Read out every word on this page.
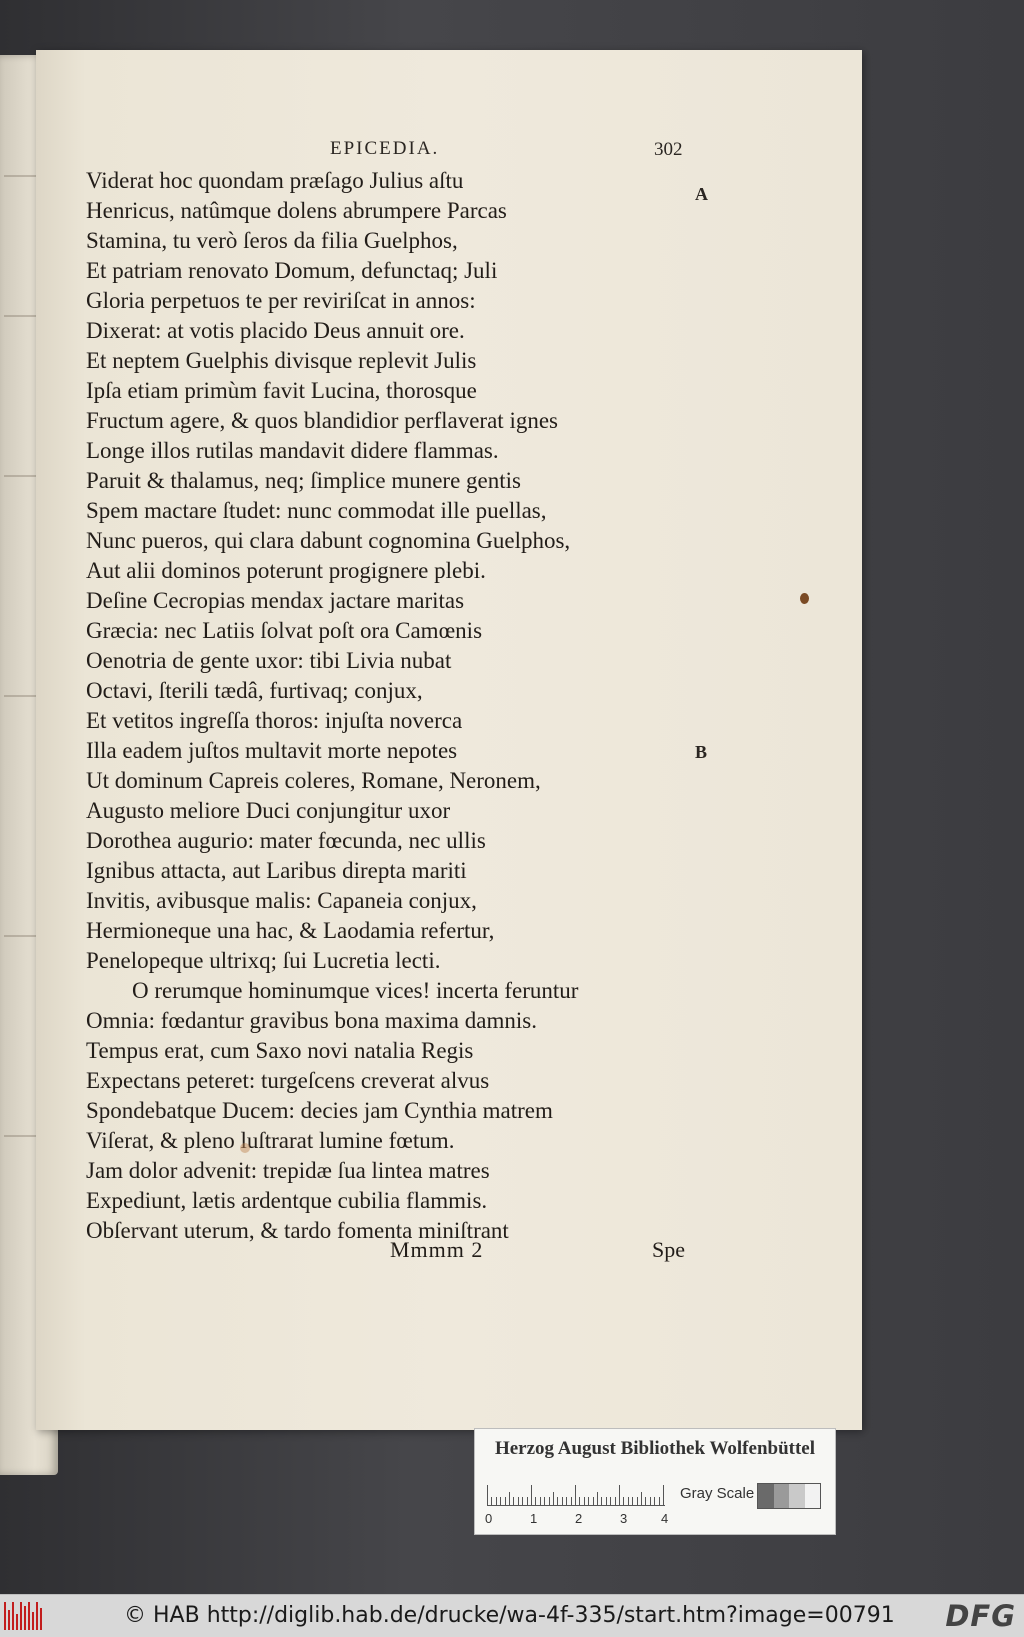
EPICEDIA.	302
A
B
Viderat hoc quondam præſago Julius aſtu
Henricus, natûmque dolens abrumpere Parcas
Stamina, tu verò ſeros da filia Guelphos,
Et patriam renovato Domum, defunctaq; Juli
Gloria perpetuos te per reviriſcat in annos:
Dixerat: at votis placido Deus annuit ore.
Et neptem Guelphis divisque replevit Julis
Ipſa etiam primùm favit Lucina, thorosque
Fructum agere, & quos blandidior perflaverat ignes
Longe illos rutilas mandavit didere flammas.
Paruit & thalamus, neq; ſimplice munere gentis
Spem mactare ſtudet: nunc commodat ille puellas,
Nunc pueros, qui clara dabunt cognomina Guelphos,
Aut alii dominos poterunt progignere plebi.
Deſine Cecropias mendax jactare maritas
Græcia: nec Latiis ſolvat poſt ora Camœnis
Oenotria de gente uxor: tibi Livia nubat
Octavi, ſterili tædâ, furtivaq; conjux,
Et vetitos ingreſſa thoros: injuſta noverca
Illa eadem juſtos multavit morte nepotes
Ut dominum Capreis coleres, Romane, Neronem,
Augusto meliore Duci conjungitur uxor
Dorothea augurio: mater fœcunda, nec ullis
Ignibus attacta, aut Laribus direpta mariti
Invitis, avibusque malis: Capaneia conjux,
Hermioneque una hac, & Laodamia refertur,
Penelopeque ultrixq; ſui Lucretia lecti.
O rerumque hominumque vices! incerta feruntur
Omnia: fœdantur gravibus bona maxima damnis.
Tempus erat, cum Saxo novi natalia Regis
Expectans peteret: turgeſcens creverat alvus
Spondebatque Ducem: decies jam Cynthia matrem
Viſerat, & pleno luſtrarat lumine fœtum.
Jam dolor advenit: trepidæ ſua lintea matres
Expediunt, lætis ardentque cubilia flammis.
Obſervant uterum, & tardo fomenta miniſtrant
Mmmm 2	Spe
Herzog August Bibliothek Wolfenbüttel
0	1	2	3	4
Gray Scale
© HAB http://diglib.hab.de/drucke/wa-4f-335/start.htm?image=00791 DFG
